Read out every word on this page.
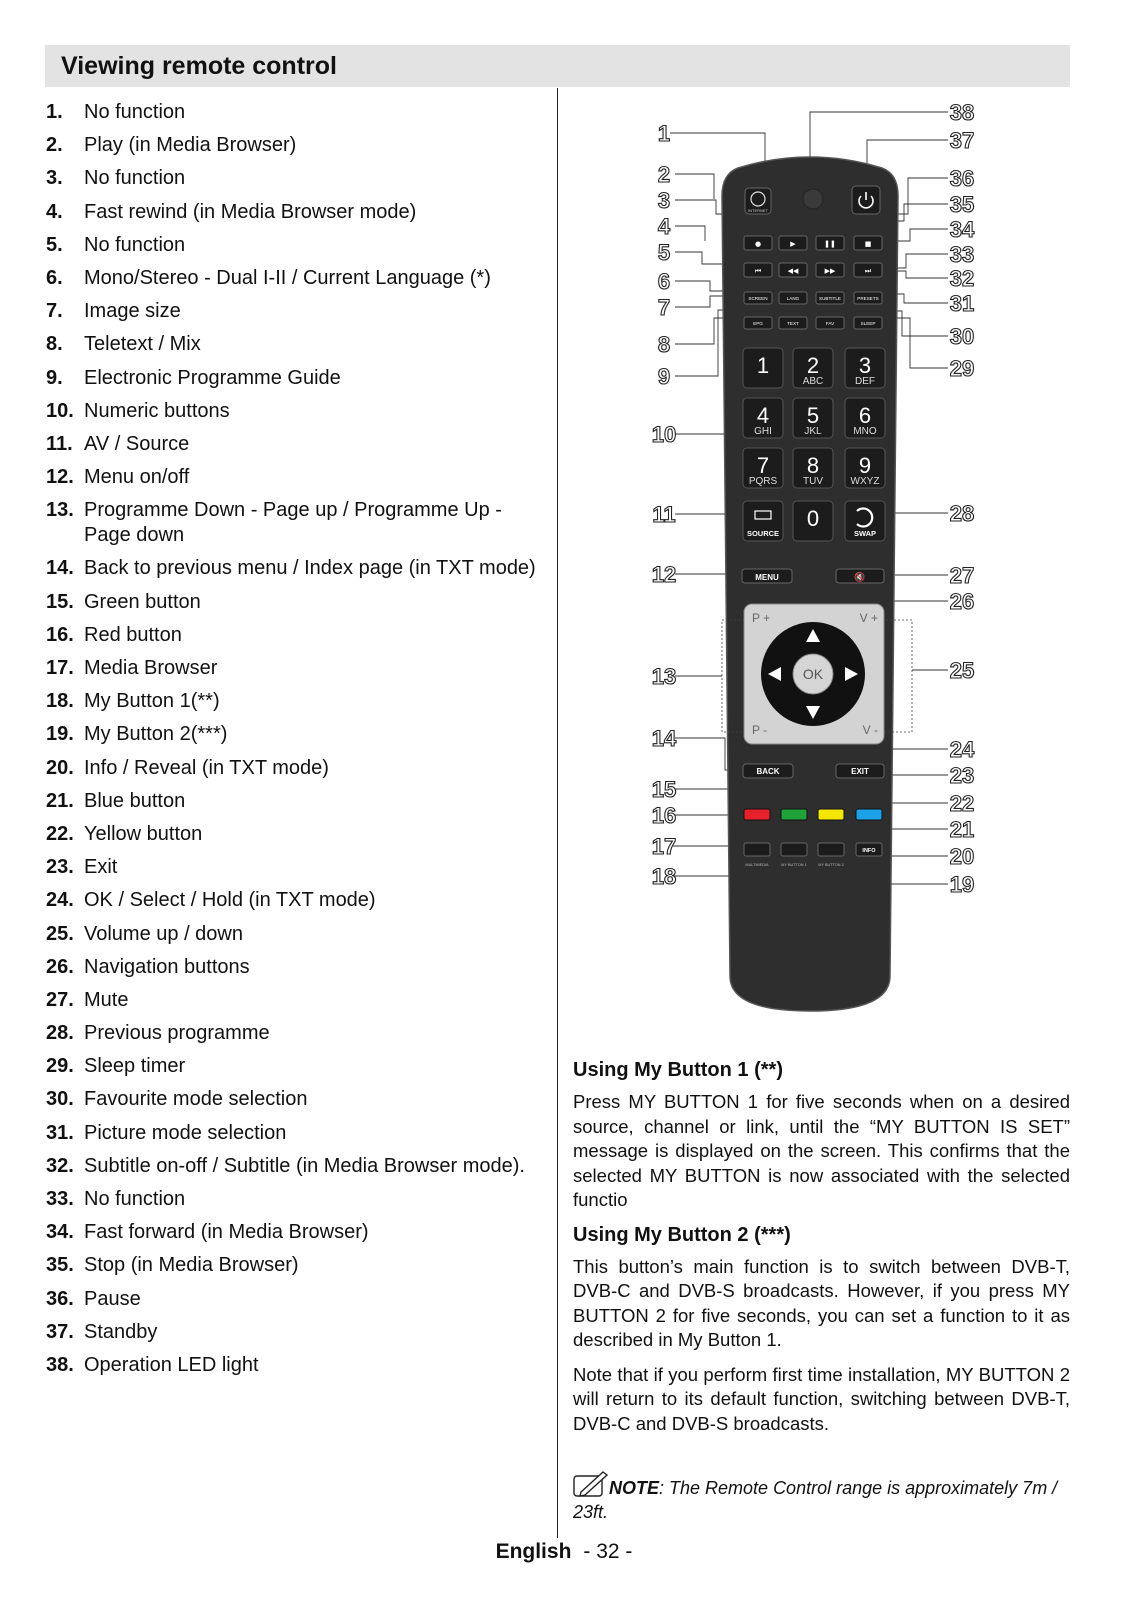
Viewing remote control
1.	No function
2.	Play (in Media Browser)
3.	No function
4.	Fast rewind (in Media Browser mode)
5.	No function
6.	Mono/Stereo - Dual I-II / Current Language (*)
7.	Image size
8.	Teletext / Mix
9.	Electronic Programme Guide
10. Numeric buttons
11. AV / Source
12. Menu on/off
13. Programme Down - Page up / Programme Up - Page down
14. Back to previous menu / Index page (in TXT mode)
15. Green button
16. Red button
17. Media Browser
18. My Button 1(**)
19. My Button 2(***)
20. Info / Reveal (in TXT mode)
21. Blue button
22. Yellow button
23. Exit
24. OK / Select / Hold (in TXT mode)
25. Volume up / down
26. Navigation buttons
27. Mute
28. Previous programme
29. Sleep timer
30. Favourite mode selection
31. Picture mode selection
32. Subtitle on-off / Subtitle (in Media Browser mode).
33. No function
34. Fast forward (in Media Browser)
35. Stop (in Media Browser)
36. Pause
37. Standby
38. Operation LED light
INTERNET
●	▶	❚❚	■
⏮	◀◀	▶▶	⏭
SCREEN	LANG	SUBTITLE	PRESETS
EPG	TEXT	FAV	SLEEP
1 2
ABC
3
DEF
4
GHI
5
JKL
6
MNO
7
PQRS
8
TUV
9
WXYZ
0
SOURCE	SWAP
MENU	🔇
P +	V +
P -	V -
OK
BACK	EXIT
MULTIMEDIA	MY BUTTON 1	MY BUTTON 2
INFO
1
2
3
4
5
6
7
8
9
10
11
12
13
14
15
16
17
18
38
37
36
35
34
33
32
31
30
29
28
27
26
25
24
23
22
21
20
19
Using My Button 1 (**)

Press MY BUTTON 1 for five seconds when on a desired source, channel or link, until the “MY BUTTON IS SET” message is displayed on the screen. This confirms that the selected MY BUTTON is now associated with the selected functio

Using My Button 2 (***)

This button’s main function is to switch between DVB-T, DVB-C and DVB-S broadcasts. However, if you press MY BUTTON 2 for five seconds, you can set a function to it as described in My Button 1.

Note that if you perform first time installation, MY BUTTON 2 will return to its default function, switching between DVB-T, DVB-C and DVB-S broadcasts.

NOTE: The Remote Control range is approximately 7m / 23ft.
English - 32 -
